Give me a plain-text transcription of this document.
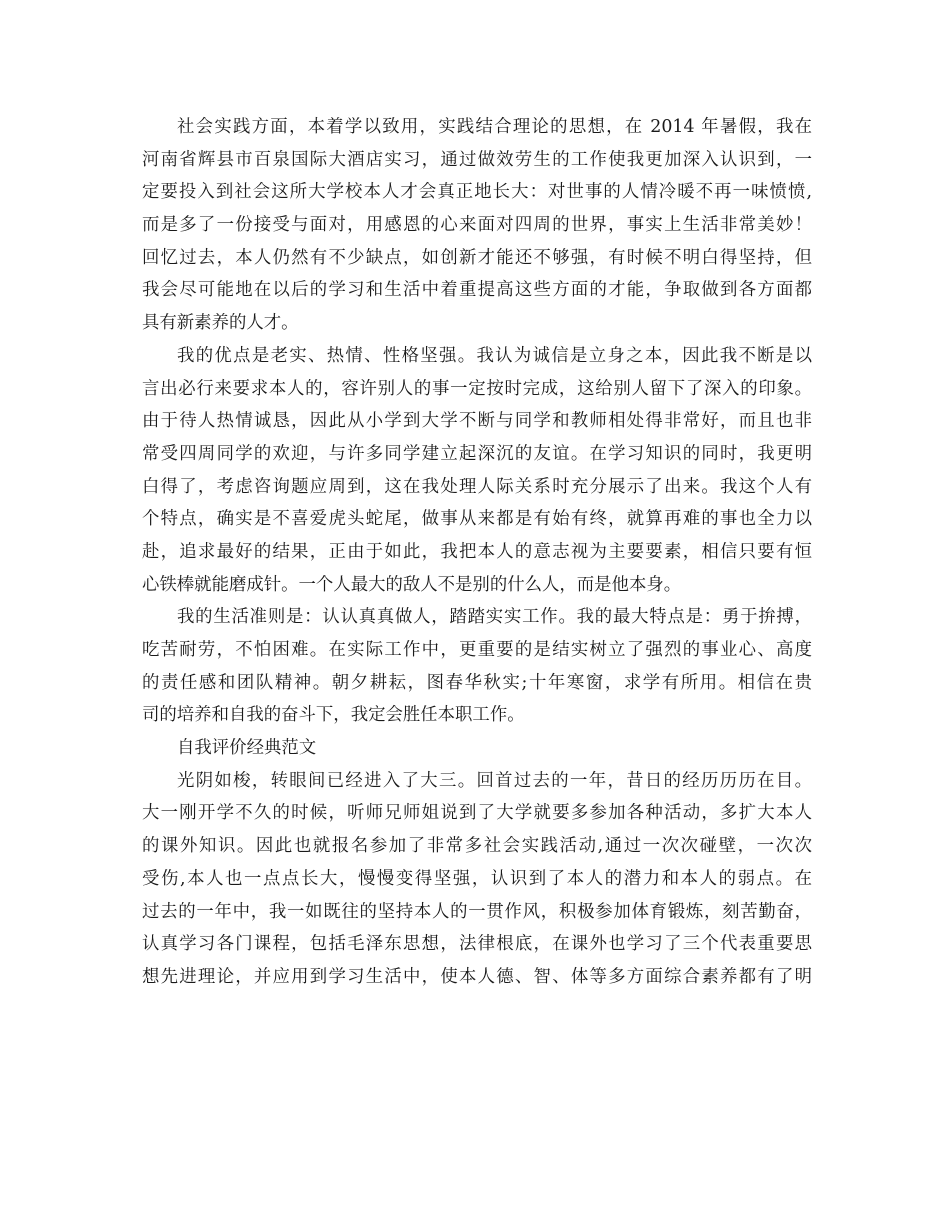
社会实践方面，本着学以致用，实践结合理论的思想，在 2014 年暑假，我在
河南省辉县市百泉国际大酒店实习，通过做效劳生的工作使我更加深入认识到，一
定要投入到社会这所大学校本人才会真正地长大：对世事的人情冷暖不再一味愤愤,
而是多了一份接受与面对，用感恩的心来面对四周的世界，事实上生活非常美妙！
回忆过去，本人仍然有不少缺点，如创新才能还不够强，有时候不明白得坚持，但
我会尽可能地在以后的学习和生活中着重提高这些方面的才能，争取做到各方面都
具有新素养的人才。
我的优点是老实、热情、性格坚强。我认为诚信是立身之本，因此我不断是以
言出必行来要求本人的，容许别人的事一定按时完成，这给别人留下了深入的印象。
由于待人热情诚恳，因此从小学到大学不断与同学和教师相处得非常好，而且也非
常受四周同学的欢迎，与许多同学建立起深沉的友谊。在学习知识的同时，我更明
白得了，考虑咨询题应周到，这在我处理人际关系时充分展示了出来。我这个人有
个特点，确实是不喜爱虎头蛇尾，做事从来都是有始有终，就算再难的事也全力以
赴，追求最好的结果，正由于如此，我把本人的意志视为主要要素，相信只要有恒
心铁棒就能磨成针。一个人最大的敌人不是别的什么人，而是他本身。
我的生活准则是：认认真真做人，踏踏实实工作。我的最大特点是：勇于拚搏，
吃苦耐劳，不怕困难。在实际工作中，更重要的是结实树立了强烈的事业心、高度
的责任感和团队精神。朝夕耕耘，图春华秋实;十年寒窗，求学有所用。相信在贵
司的培养和自我的奋斗下，我定会胜任本职工作。
自我评价经典范文
光阴如梭，转眼间已经进入了大三。回首过去的一年，昔日的经历历历在目。
大一刚开学不久的时候，听师兄师姐说到了大学就要多参加各种活动，多扩大本人
的课外知识。因此也就报名参加了非常多社会实践活动,通过一次次碰壁，一次次
受伤,本人也一点点长大，慢慢变得坚强，认识到了本人的潜力和本人的弱点。在
过去的一年中，我一如既往的坚持本人的一贯作风，积极参加体育锻炼，刻苦勤奋，
认真学习各门课程，包括毛泽东思想，法律根底，在课外也学习了三个代表重要思
想先进理论，并应用到学习生活中，使本人德、智、体等多方面综合素养都有了明
